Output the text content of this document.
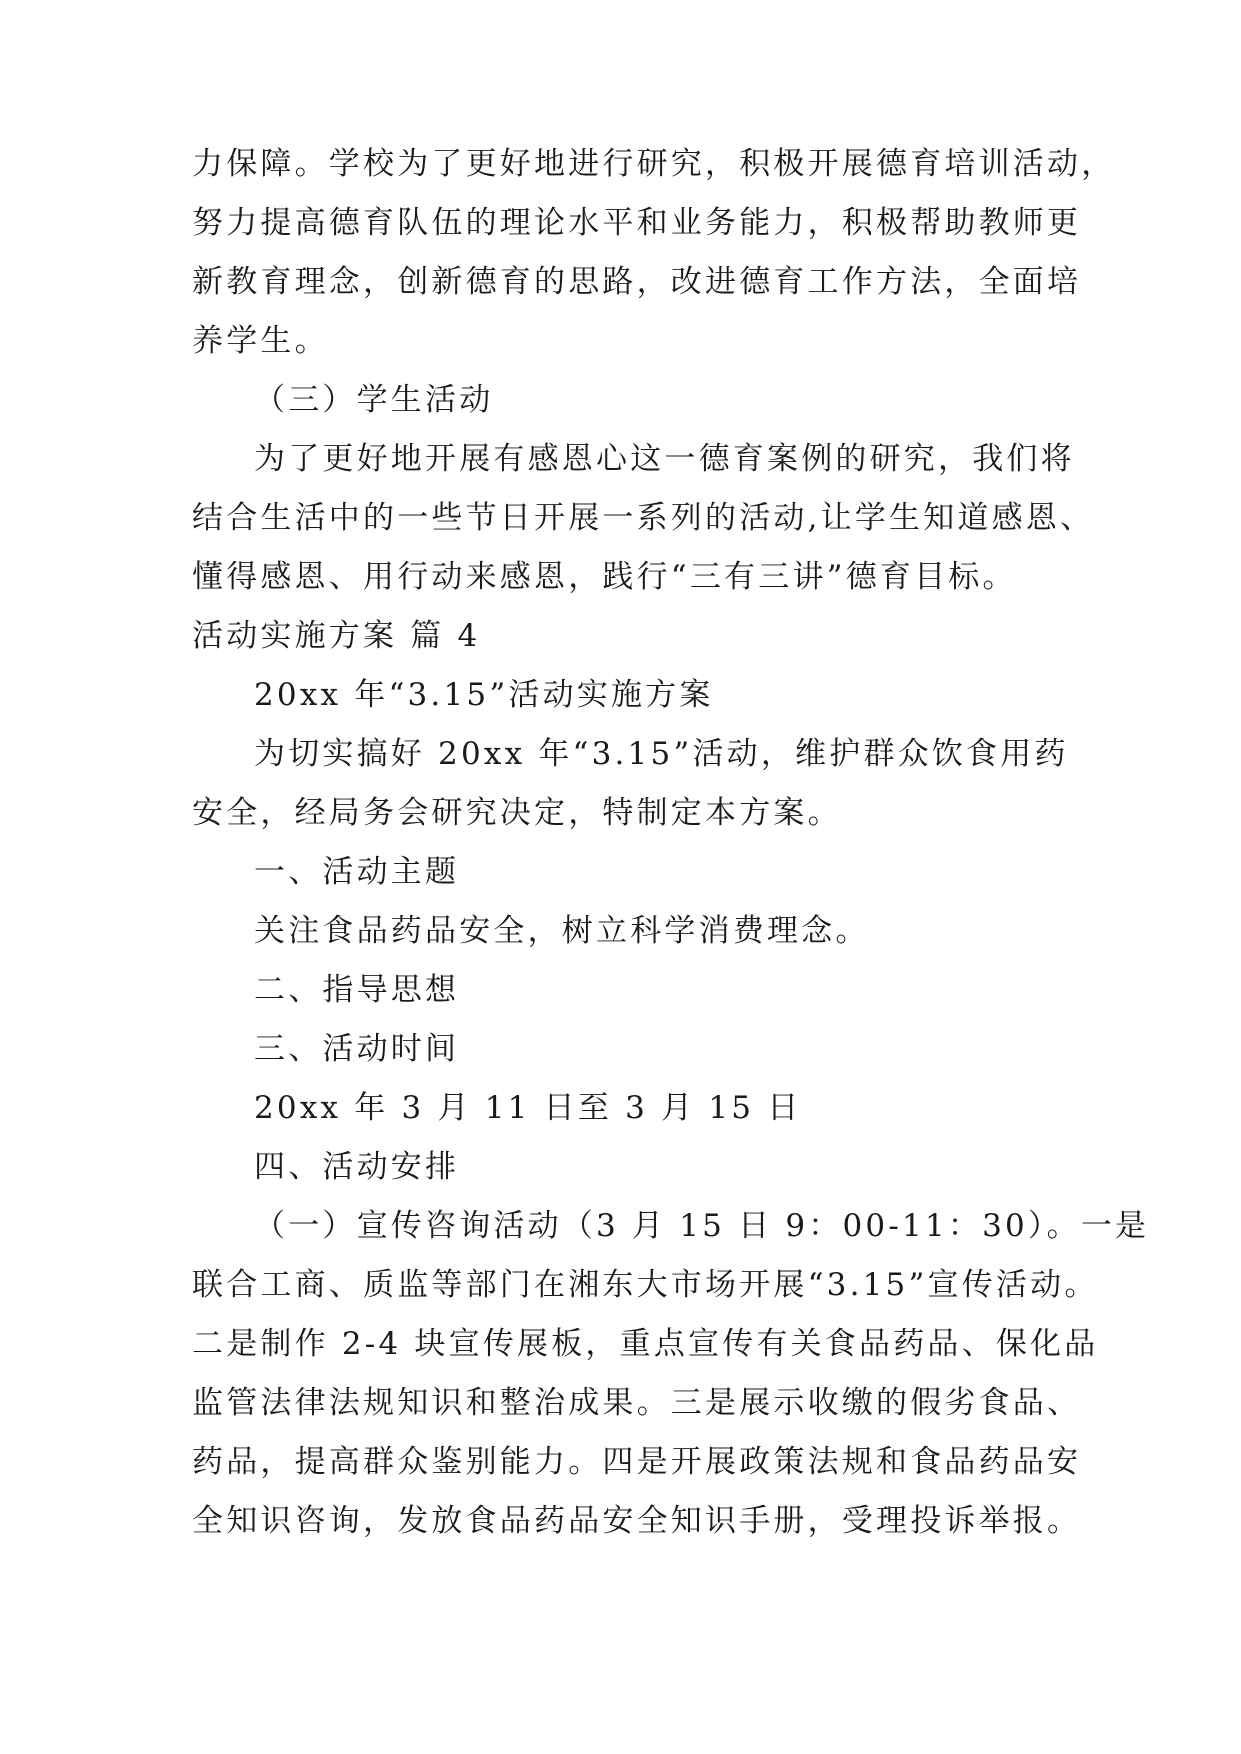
力保障。学校为了更好地进行研究，积极开展德育培训活动，
努力提高德育队伍的理论水平和业务能力，积极帮助教师更
新教育理念，创新德育的思路，改进德育工作方法，全面培
养学生。
（三）学生活动
为了更好地开展有感恩心这一德育案例的研究，我们将
结合生活中的一些节日开展一系列的活动,让学生知道感恩、
懂得感恩、用行动来感恩，践行“三有三讲”德育目标。
活动实施方案 篇 4
20xx 年“3.15”活动实施方案
为切实搞好 20xx 年“3.15”活动，维护群众饮食用药
安全，经局务会研究决定，特制定本方案。
一、活动主题
关注食品药品安全，树立科学消费理念。
二、指导思想
三、活动时间
20xx 年 3 月 11 日至 3 月 15 日
四、活动安排
（一）宣传咨询活动（3 月 15 日 9：00-11：30）。一是
联合工商、质监等部门在湘东大市场开展“3.15”宣传活动。
二是制作 2-4 块宣传展板，重点宣传有关食品药品、保化品
监管法律法规知识和整治成果。三是展示收缴的假劣食品、
药品，提高群众鉴别能力。四是开展政策法规和食品药品安
全知识咨询，发放食品药品安全知识手册，受理投诉举报。
